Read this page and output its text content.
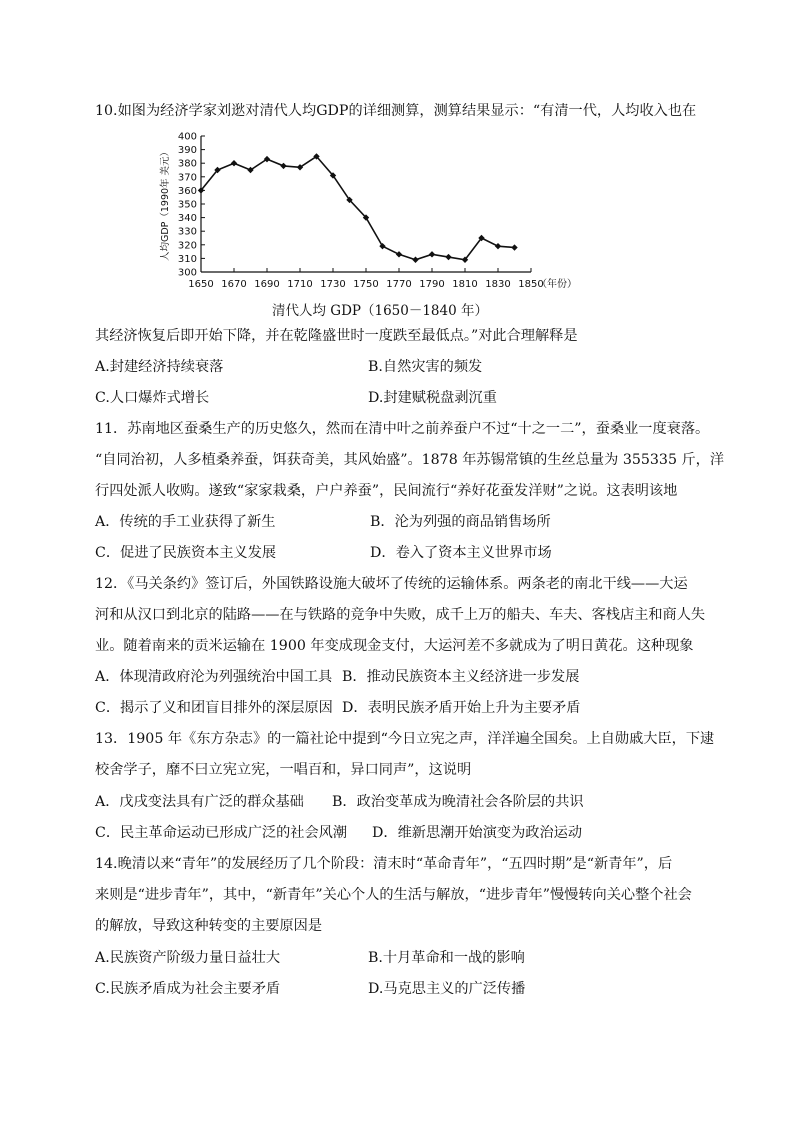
10.如图为经济学家刘逖对清代人均GDP的详细测算，测算结果显示：“有清一代，人均收入也在
300
310
320
330
340
350
360
370
380
390
400
1650 1670 1690 1710 1730 1750 1770 1790 1810 1830 1850
（年份）
人均GDP（1990年 美元）
清代人均 GDP（1650－1840 年）
其经济恢复后即开始下降，并在乾隆盛世时一度跌至最低点。”对此合理解释是
A.封建经济持续衰落	B.自然灾害的频发
C.人口爆炸式增长	D.封建赋税盘剥沉重
11．苏南地区蚕桑生产的历史悠久，然而在清中叶之前养蚕户不过“十之一二”，蚕桑业一度衰落。
“自同治初，人多植桑养蚕，饵获奇美，其风始盛”。1878 年苏锡常镇的生丝总量为 355335 斤，洋
行四处派人收购。遂致“家家栽桑，户户养蚕”，民间流行“养好花蚕发洋财”之说。这表明该地
A．传统的手工业获得了新生	B．沦为列强的商品销售场所
C．促进了民族资本主义发展	D．卷入了资本主义世界市场
12．《马关条约》签订后，外国铁路设施大破坏了传统的运输体系。两条老的南北干线——大运
河和从汉口到北京的陆路——在与铁路的竞争中失败，成千上万的船夫、车夫、客栈店主和商人失
业。随着南来的贡米运输在 1900 年变成现金支付，大运河差不多就成为了明日黄花。这种现象
A．体现清政府沦为列强统治中国工具 B．推动民族资本主义经济进一步发展
C．揭示了义和团盲目排外的深层原因 D．表明民族矛盾开始上升为主要矛盾
13．1905 年《东方杂志》的一篇社论中提到“今日立宪之声，洋洋遍全国矣。上自勋戚大臣，下逮
校舍学子，靡不曰立宪立宪，一唱百和，异口同声”，这说明
A．戊戌变法具有广泛的群众基础 B．政治变革成为晚清社会各阶层的共识
C．民主革命运动已形成广泛的社会风潮 D．维新思潮开始演变为政治运动
14.晚清以来“青年”的发展经历了几个阶段：清末时“革命青年”，“五四时期”是“新青年”，后
来则是“进步青年”，其中，“新青年”关心个人的生活与解放，“进步青年”慢慢转向关心整个社会
的解放，导致这种转变的主要原因是
A.民族资产阶级力量日益壮大	B.十月革命和一战的影响
C.民族矛盾成为社会主要矛盾	D.马克思主义的广泛传播
